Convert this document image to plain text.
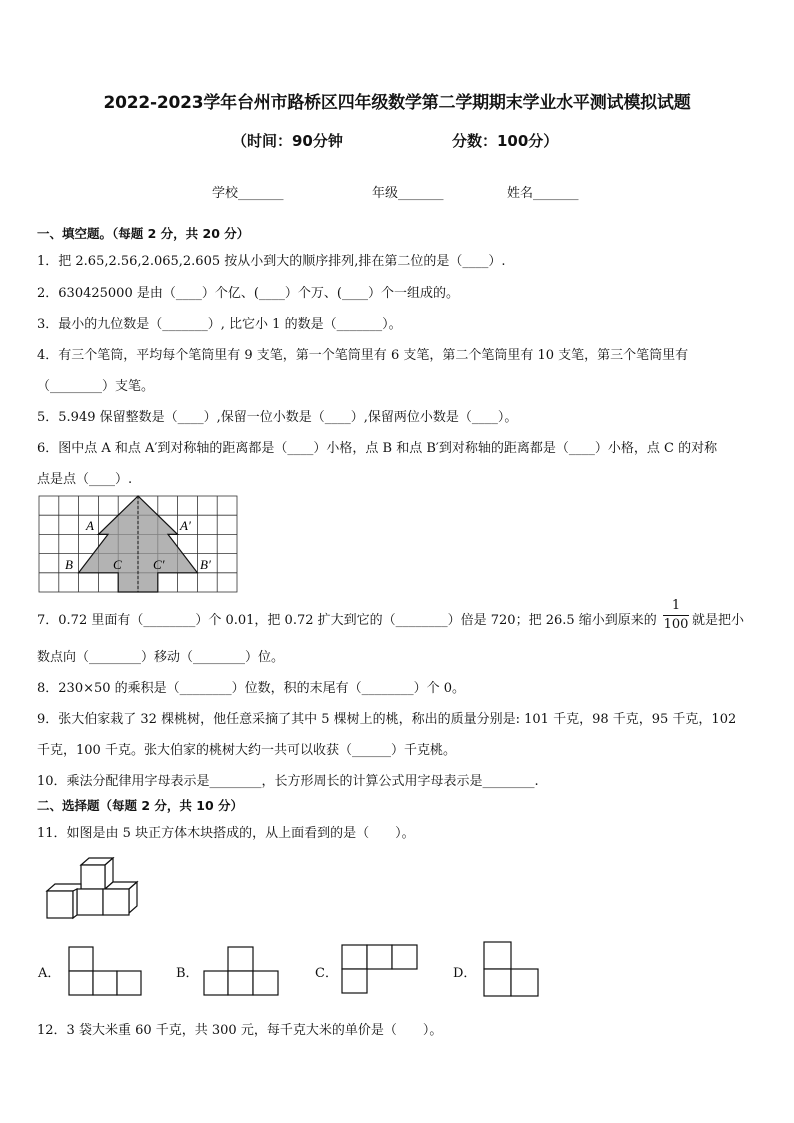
2022-2023学年台州市路桥区四年级数学第二学期期末学业水平测试模拟试题
（时间：90分钟	分数：100分）
学校_______	年级_______	姓名_______
一、填空题。（每题 2 分，共 20 分）
1．把 2.65,2.56,2.065,2.605 按从小到大的顺序排列,排在第二位的是（____）.
2．630425000 是由（____）个亿、(____）个万、(____）个一组成的。
3．最小的九位数是（_______）, 比它小 1 的数是（_______）。
4．有三个笔筒，平均每个笔筒里有 9 支笔，第一个笔筒里有 6 支笔，第二个笔筒里有 10 支笔，第三个笔筒里有
（________）支笔。
5．5.949 保留整数是（____）,保留一位小数是（____）,保留两位小数是（____）。
6．图中点 A 和点 A′到对称轴的距离都是（____）小格，点 B 和点 B′到对称轴的距离都是（____）小格，点 C 的对称
点是点（____）.
A	A′
B	B′
C C′
7．0.72 里面有（________）个 0.01，把 0.72 扩大到它的（________）倍是 720；把 26.5 缩小到原来的
1
100 就是把小
数点向（________）移动（________）位。
8．230×50 的乘积是（________）位数，积的末尾有（________）个 0。
9．张大伯家栽了 32 棵桃树，他任意采摘了其中 5 棵树上的桃，称出的质量分别是: 101 千克，98 千克，95 千克，102
千克，100 千克。张大伯家的桃树大约一共可以收获（______）千克桃。
10．乘法分配律用字母表示是________，长方形周长的计算公式用字母表示是________.
二、选择题（每题 2 分，共 10 分）
11．如图是由 5 块正方体木块搭成的，从上面看到的是（　　）。
A．	B．	C．	D．
12．3 袋大米重 60 千克，共 300 元，每千克大米的单价是（　　）。
